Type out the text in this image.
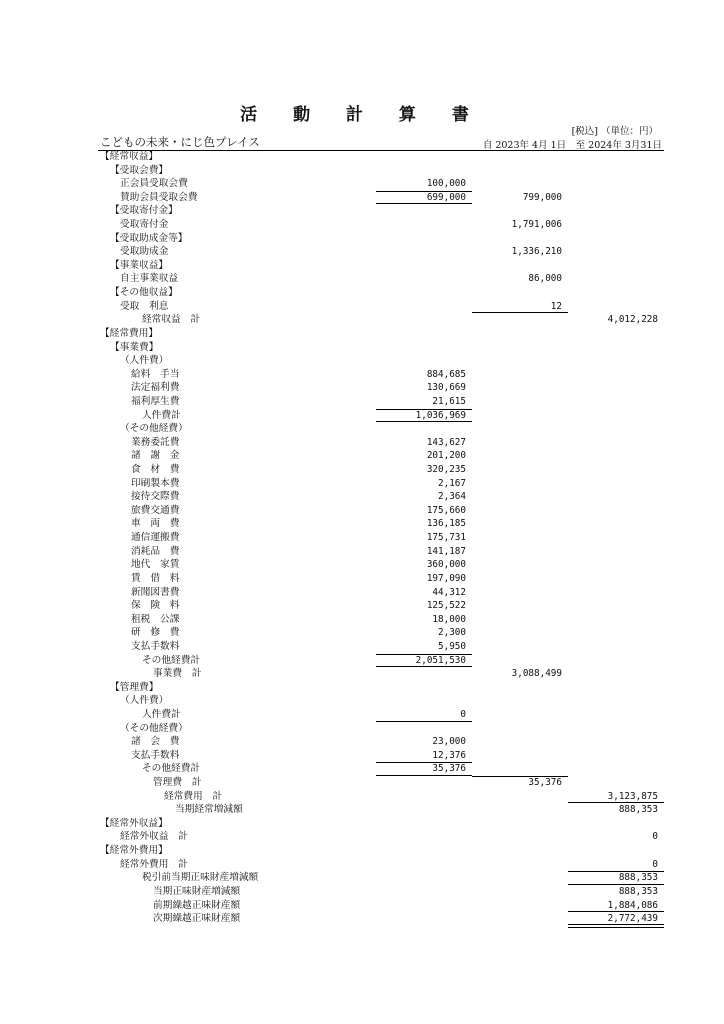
活 動 計 算 書
[税込] （単位：円）
こどもの未来・にじ色プレイス	自 2023年 4月 1日　至 2024年 3月31日
【経常収益】
【受取会費】
正会員受取会費	100,000
賛助会員受取会費	699,000	799,000
【受取寄付金】
受取寄付金	1,791,006
【受取助成金等】
受取助成金	1,336,210
【事業収益】
自主事業収益	86,000
【その他収益】
受取　利息	12
経常収益　計	4,012,228
【経常費用】
【事業費】
（人件費）
給料　手当	884,685
法定福利費	130,669
福利厚生費	21,615
人件費計	1,036,969
（その他経費）
業務委託費	143,627
諸　謝　金	201,200
食　材　費	320,235
印刷製本費	2,167
接待交際費	2,364
旅費交通費	175,660
車　両　費	136,185
通信運搬費	175,731
消耗品　費	141,187
地代　家賃	360,000
賃　借　料	197,090
新聞図書費	44,312
保　険　料	125,522
租税　公課	18,000
研　修　費	2,300
支払手数料	5,950
その他経費計	2,051,530
事業費　計	3,088,499
【管理費】
（人件費）
人件費計	0
（その他経費）
諸　会　費	23,000
支払手数料	12,376
その他経費計	35,376
管理費　計	35,376
経常費用　計	3,123,875
当期経常増減額	888,353
【経常外収益】
経常外収益　計	0
【経常外費用】
経常外費用　計	0
税引前当期正味財産増減額	888,353
当期正味財産増減額	888,353
前期繰越正味財産額	1,884,086
次期繰越正味財産額	2,772,439
